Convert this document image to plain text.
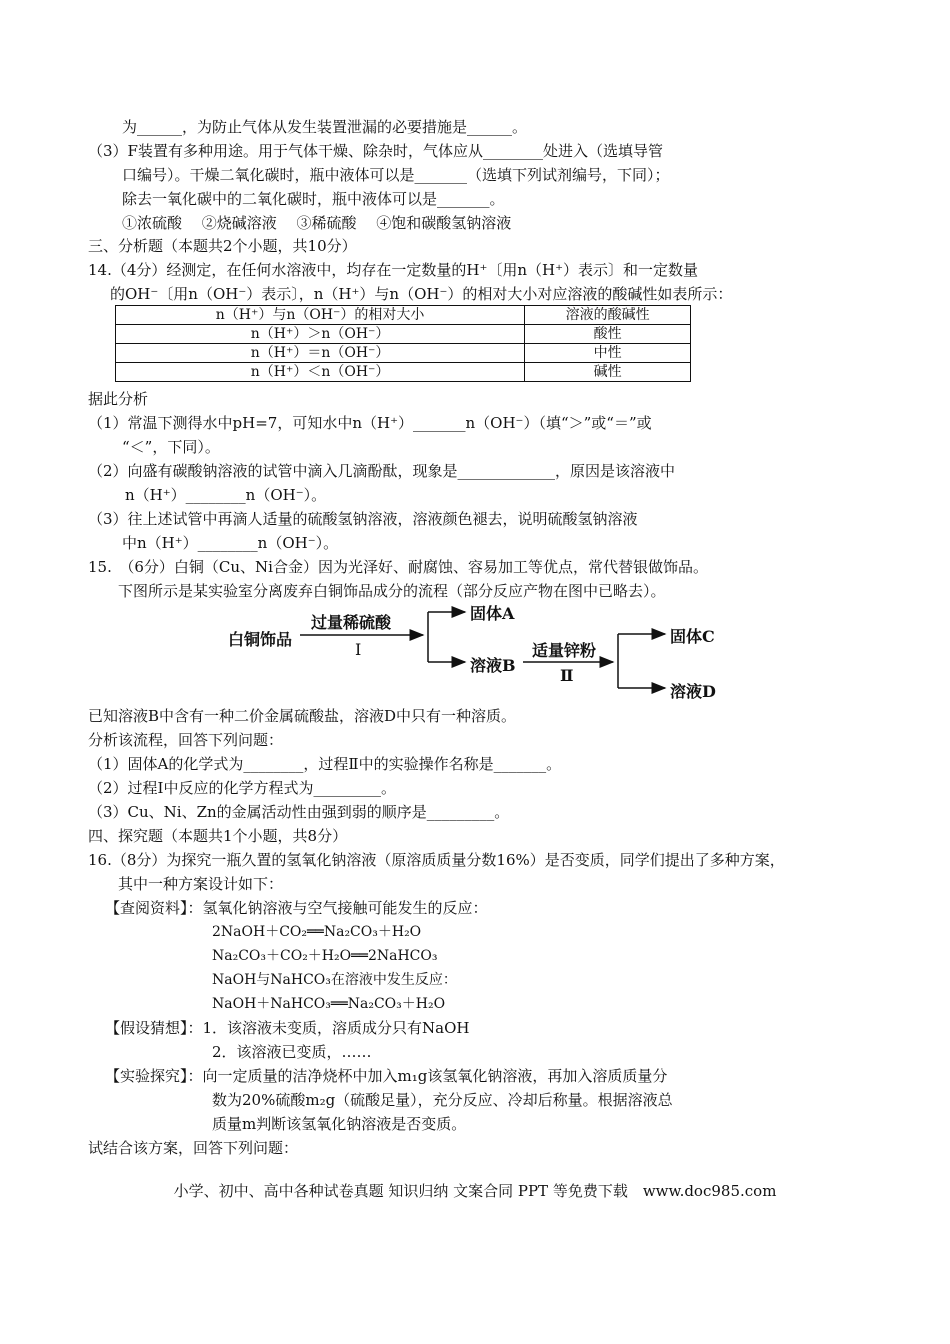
为______，为防止气体从发生装置泄漏的必要措施是______。
（3）F装置有多种用途。用于气体干燥、除杂时，气体应从________处进入（选填导管
口编号）。干燥二氧化碳时，瓶中液体可以是_______（选填下列试剂编号，下同）；
除去一氧化碳中的二氧化碳时，瓶中液体可以是_______。
①浓硫酸　 ②烧碱溶液　 ③稀硫酸　 ④饱和碳酸氢钠溶液
三、分析题（本题共2个小题，共10分）
14.（4分）经测定，在任何水溶液中，均存在一定数量的H⁺〔用n（H⁺）表示〕和一定数量
的OH⁻〔用n（OH⁻）表示〕，n（H⁺）与n（OH⁻）的相对大小对应溶液的酸碱性如表所示：
n（H⁺）与n（OH⁻）的相对大小	溶液的酸碱性
n（H⁺）＞n（OH⁻）	酸性
n（H⁺）＝n（OH⁻）	中性
n（H⁺）＜n（OH⁻）	碱性
据此分析
（1）常温下测得水中pH=7，可知水中n（H⁺）_______n（OH⁻）（填“＞”或“＝”或
“＜”，下同）。
（2）向盛有碳酸钠溶液的试管中滴入几滴酚酞，现象是_____________，原因是该溶液中
n（H⁺）________n（OH⁻）。
（3）往上述试管中再滴人适量的硫酸氢钠溶液，溶液颜色褪去，说明硫酸氢钠溶液
中n（H⁺）________n（OH⁻）。
15.　（6分）白铜（Cu、Ni合金）因为光泽好、耐腐蚀、容易加工等优点，常代替银做饰品。
下图所示是某实验室分离废弃白铜饰品成分的流程（部分反应产物在图中已略去）。
白铜饰品
过量稀硫酸
Ⅰ
固体A
溶液B
适量锌粉
Ⅱ
固体C
溶液D
已知溶液B中含有一种二价金属硫酸盐，溶液D中只有一种溶质。
分析该流程，回答下列问题：
（1）固体A的化学式为________，过程Ⅱ中的实验操作名称是_______。
（2）过程Ⅰ中反应的化学方程式为_________。
（3）Cu、Ni、Zn的金属活动性由强到弱的顺序是_________。
四、探究题（本题共1个小题，共8分）
16.（8分）为探究一瓶久置的氢氧化钠溶液（原溶质质量分数16%）是否变质，同学们提出了多种方案，
其中一种方案设计如下：
【查阅资料】：氢氧化钠溶液与空气接触可能发生的反应：
2NaOH＋CO₂══Na₂CO₃＋H₂O
Na₂CO₃＋CO₂＋H₂O══2NaHCO₃
NaOH与NaHCO₃在溶液中发生反应：
NaOH＋NaHCO₃══Na₂CO₃＋H₂O
【假设猜想】：1．该溶液未变质，溶质成分只有NaOH
2．该溶液已变质，……
【实验探究】：向一定质量的洁净烧杯中加入m₁g该氢氧化钠溶液，再加入溶质质量分
数为20%硫酸m₂g（硫酸足量），充分反应、冷却后称量。根据溶液总
质量m判断该氢氧化钠溶液是否变质。
试结合该方案，回答下列问题：
小学、初中、高中各种试卷真题 知识归纳 文案合同 PPT 等免费下载　www.doc985.com
